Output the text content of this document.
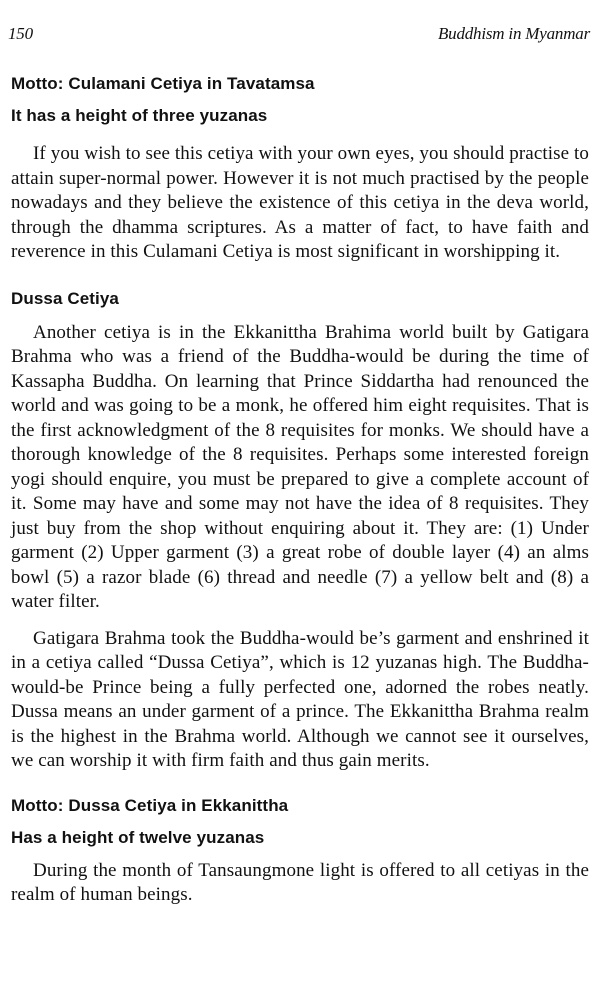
150	Buddhism in Myanmar
Motto: Culamani Cetiya in Tavatamsa
It has a height of three yuzanas

If you wish to see this cetiya with your own eyes, you should practise to attain super-normal power. However it is not much practised by the people nowadays and they believe the existence of this cetiya in the deva world, through the dhamma scriptures. As a matter of fact, to have faith and reverence in this Culamani Cetiya is most significant in worshipping it.

Dussa Cetiya

Another cetiya is in the Ekkanittha Brahima world built by Gatigara Brahma who was a friend of the Buddha-would be during the time of Kassapha Buddha. On learning that Prince Siddartha had renounced the world and was going to be a monk, he offered him eight requisites. That is the first acknowledgment of the 8 requisites for monks. We should have a thorough knowledge of the 8 requisites. Perhaps some interested foreign yogi should enquire, you must be prepared to give a complete account of it. Some may have and some may not have the idea of 8 requisites. They just buy from the shop without enquiring about it. They are: (1) Under garment (2) Upper garment (3) a great robe of double layer (4) an alms bowl (5) a razor blade (6) thread and needle (7) a yellow belt and (8) a water filter.

Gatigara Brahma took the Buddha-would be’s garment and enshrined it in a cetiya called “Dussa Cetiya”, which is 12 yuzanas high. The Buddha-would-be Prince being a fully perfected one, adorned the robes neatly. Dussa means an under garment of a prince. The Ekkanittha Brahma realm is the highest in the Brahma world. Although we cannot see it ourselves, we can worship it with firm faith and thus gain merits.

Motto: Dussa Cetiya in Ekkanittha
Has a height of twelve yuzanas

During the month of Tansaungmone light is offered to all cetiyas in the realm of human beings.
